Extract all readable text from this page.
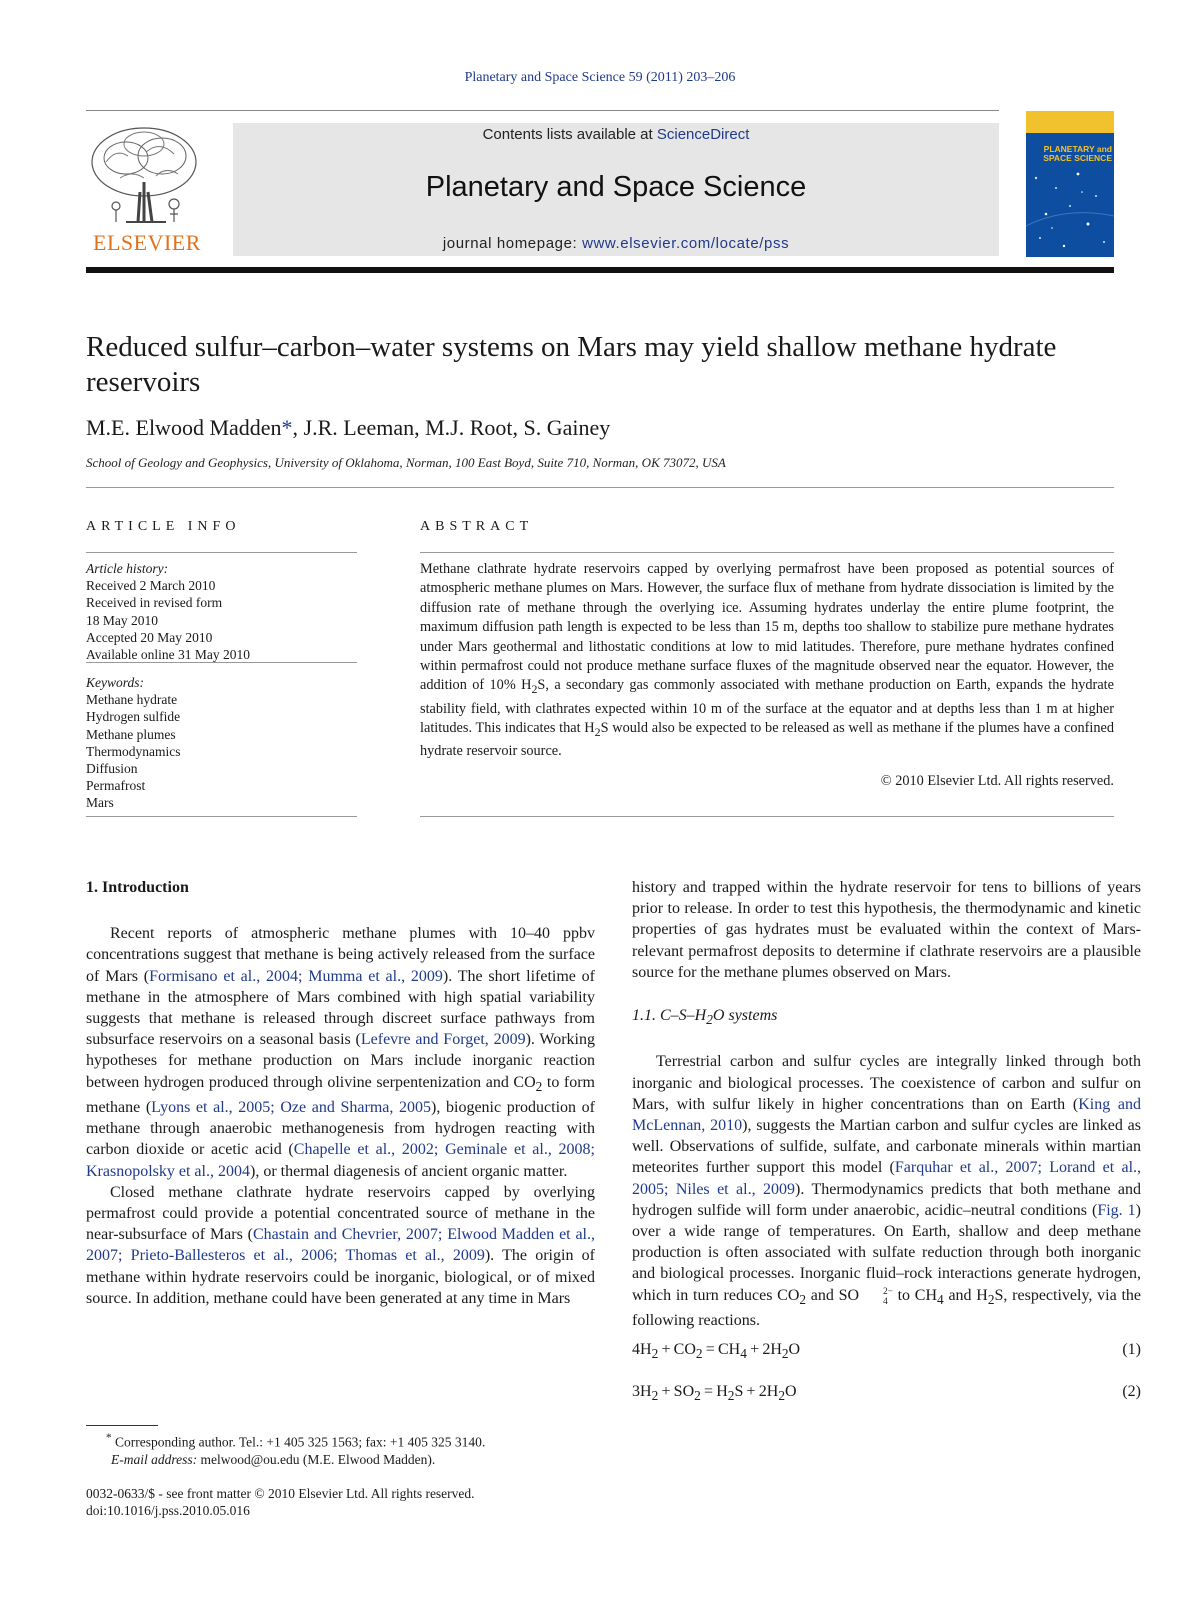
Planetary and Space Science 59 (2011) 203–206
ELSEVIER
Contents lists available at ScienceDirect
Planetary and Space Science
journal homepage: www.elsevier.com/locate/pss
PLANETARY and
SPACE SCIENCE
Reduced sulfur–carbon–water systems on Mars may yield shallow methane hydrate reservoirs
M.E. Elwood Madden*, J.R. Leeman, M.J. Root, S. Gainey
School of Geology and Geophysics, University of Oklahoma, Norman, 100 East Boyd, Suite 710, Norman, OK 73072, USA
ARTICLE INFO
Article history:
Received 2 March 2010
Received in revised form
18 May 2010
Accepted 20 May 2010
Available online 31 May 2010
Keywords:
Methane hydrate
Hydrogen sulfide
Methane plumes
Thermodynamics
Diffusion
Permafrost
Mars
ABSTRACT
Methane clathrate hydrate reservoirs capped by overlying permafrost have been proposed as potential sources of atmospheric methane plumes on Mars. However, the surface flux of methane from hydrate dissociation is limited by the diffusion rate of methane through the overlying ice. Assuming hydrates underlay the entire plume footprint, the maximum diffusion path length is expected to be less than 15 m, depths too shallow to stabilize pure methane hydrates under Mars geothermal and lithostatic conditions at low to mid latitudes. Therefore, pure methane hydrates confined within permafrost could not produce methane surface fluxes of the magnitude observed near the equator. However, the addition of 10% $H_2S$, a secondary gas commonly associated with methane production on Earth, expands the hydrate stability field, with clathrates expected within 10 m of the surface at the equator and at depths less than 1 m at higher latitudes. This indicates that $H_2S$ would also be expected to be released as well as methane if the plumes have a confined hydrate reservoir source.
© 2010 Elsevier Ltd. All rights reserved.
1. Introduction

Recent reports of atmospheric methane plumes with 10–40 ppbv concentrations suggest that methane is being actively released from the surface of Mars (Formisano et al., 2004; Mumma et al., 2009). The short lifetime of methane in the atmosphere of Mars combined with high spatial variability suggests that methane is released through discreet surface pathways from subsurface reservoirs on a seasonal basis (Lefevre and Forget, 2009). Working hypotheses for methane production on Mars include inorganic reaction between hydrogen produced through olivine serpentenization and $CO_2$ to form methane (Lyons et al., 2005; Oze and Sharma, 2005), biogenic production of methane through anaerobic methanogenesis from hydrogen reacting with carbon dioxide or acetic acid (Chapelle et al., 2002; Geminale et al., 2008; Krasnopolsky et al., 2004), or thermal diagenesis of ancient organic matter.

Closed methane clathrate hydrate reservoirs capped by overlying permafrost could provide a potential concentrated source of methane in the near-subsurface of Mars (Chastain and Chevrier, 2007; Elwood Madden et al., 2007; Prieto-Ballesteros et al., 2006; Thomas et al., 2009). The origin of methane within hydrate reservoirs could be inorganic, biological, or of mixed source. In addition, methane could have been generated at any time in Mars

history and trapped within the hydrate reservoir for tens to billions of years prior to release. In order to test this hypothesis, the thermodynamic and kinetic properties of gas hydrates must be evaluated within the context of Mars-relevant permafrost deposits to determine if clathrate reservoirs are a plausible source for the methane plumes observed on Mars.

1.1. $C-S-H_2O$ systems

Terrestrial carbon and sulfur cycles are integrally linked through both inorganic and biological processes. The coexistence of carbon and sulfur on Mars, with sulfur likely in higher concentrations than on Earth (King and McLennan, 2010), suggests the Martian carbon and sulfur cycles are linked as well. Observations of sulfide, sulfate, and carbonate minerals within martian meteorites further support this model (Farquhar et al., 2007; Lorand et al., 2005; Niles et al., 2009). Thermodynamics predicts that both methane and hydrogen sulfide will form under anaerobic, acidic–neutral conditions (Fig. 1) over a wide range of temperatures. On Earth, shallow and deep methane production is often associated with sulfate reduction through both inorganic and biological processes. Inorganic fluid–rock interactions generate hydrogen, which in turn reduces $CO_2$ and SO	2−
4 to $CH_4$ and $H_2S$, respectively, via the following reactions.

$4H_2 + CO_2 = CH_4 + 2H_2O$	(1)
$3H_2 + SO_2 = H_2S + 2H_2O$	(2)
* Corresponding author. Tel.: +1 405 325 1563; fax: +1 405 325 3140.
E-mail address: melwood@ou.edu (M.E. Elwood Madden).
0032-0633/$ - see front matter © 2010 Elsevier Ltd. All rights reserved.
doi:10.1016/j.pss.2010.05.016
